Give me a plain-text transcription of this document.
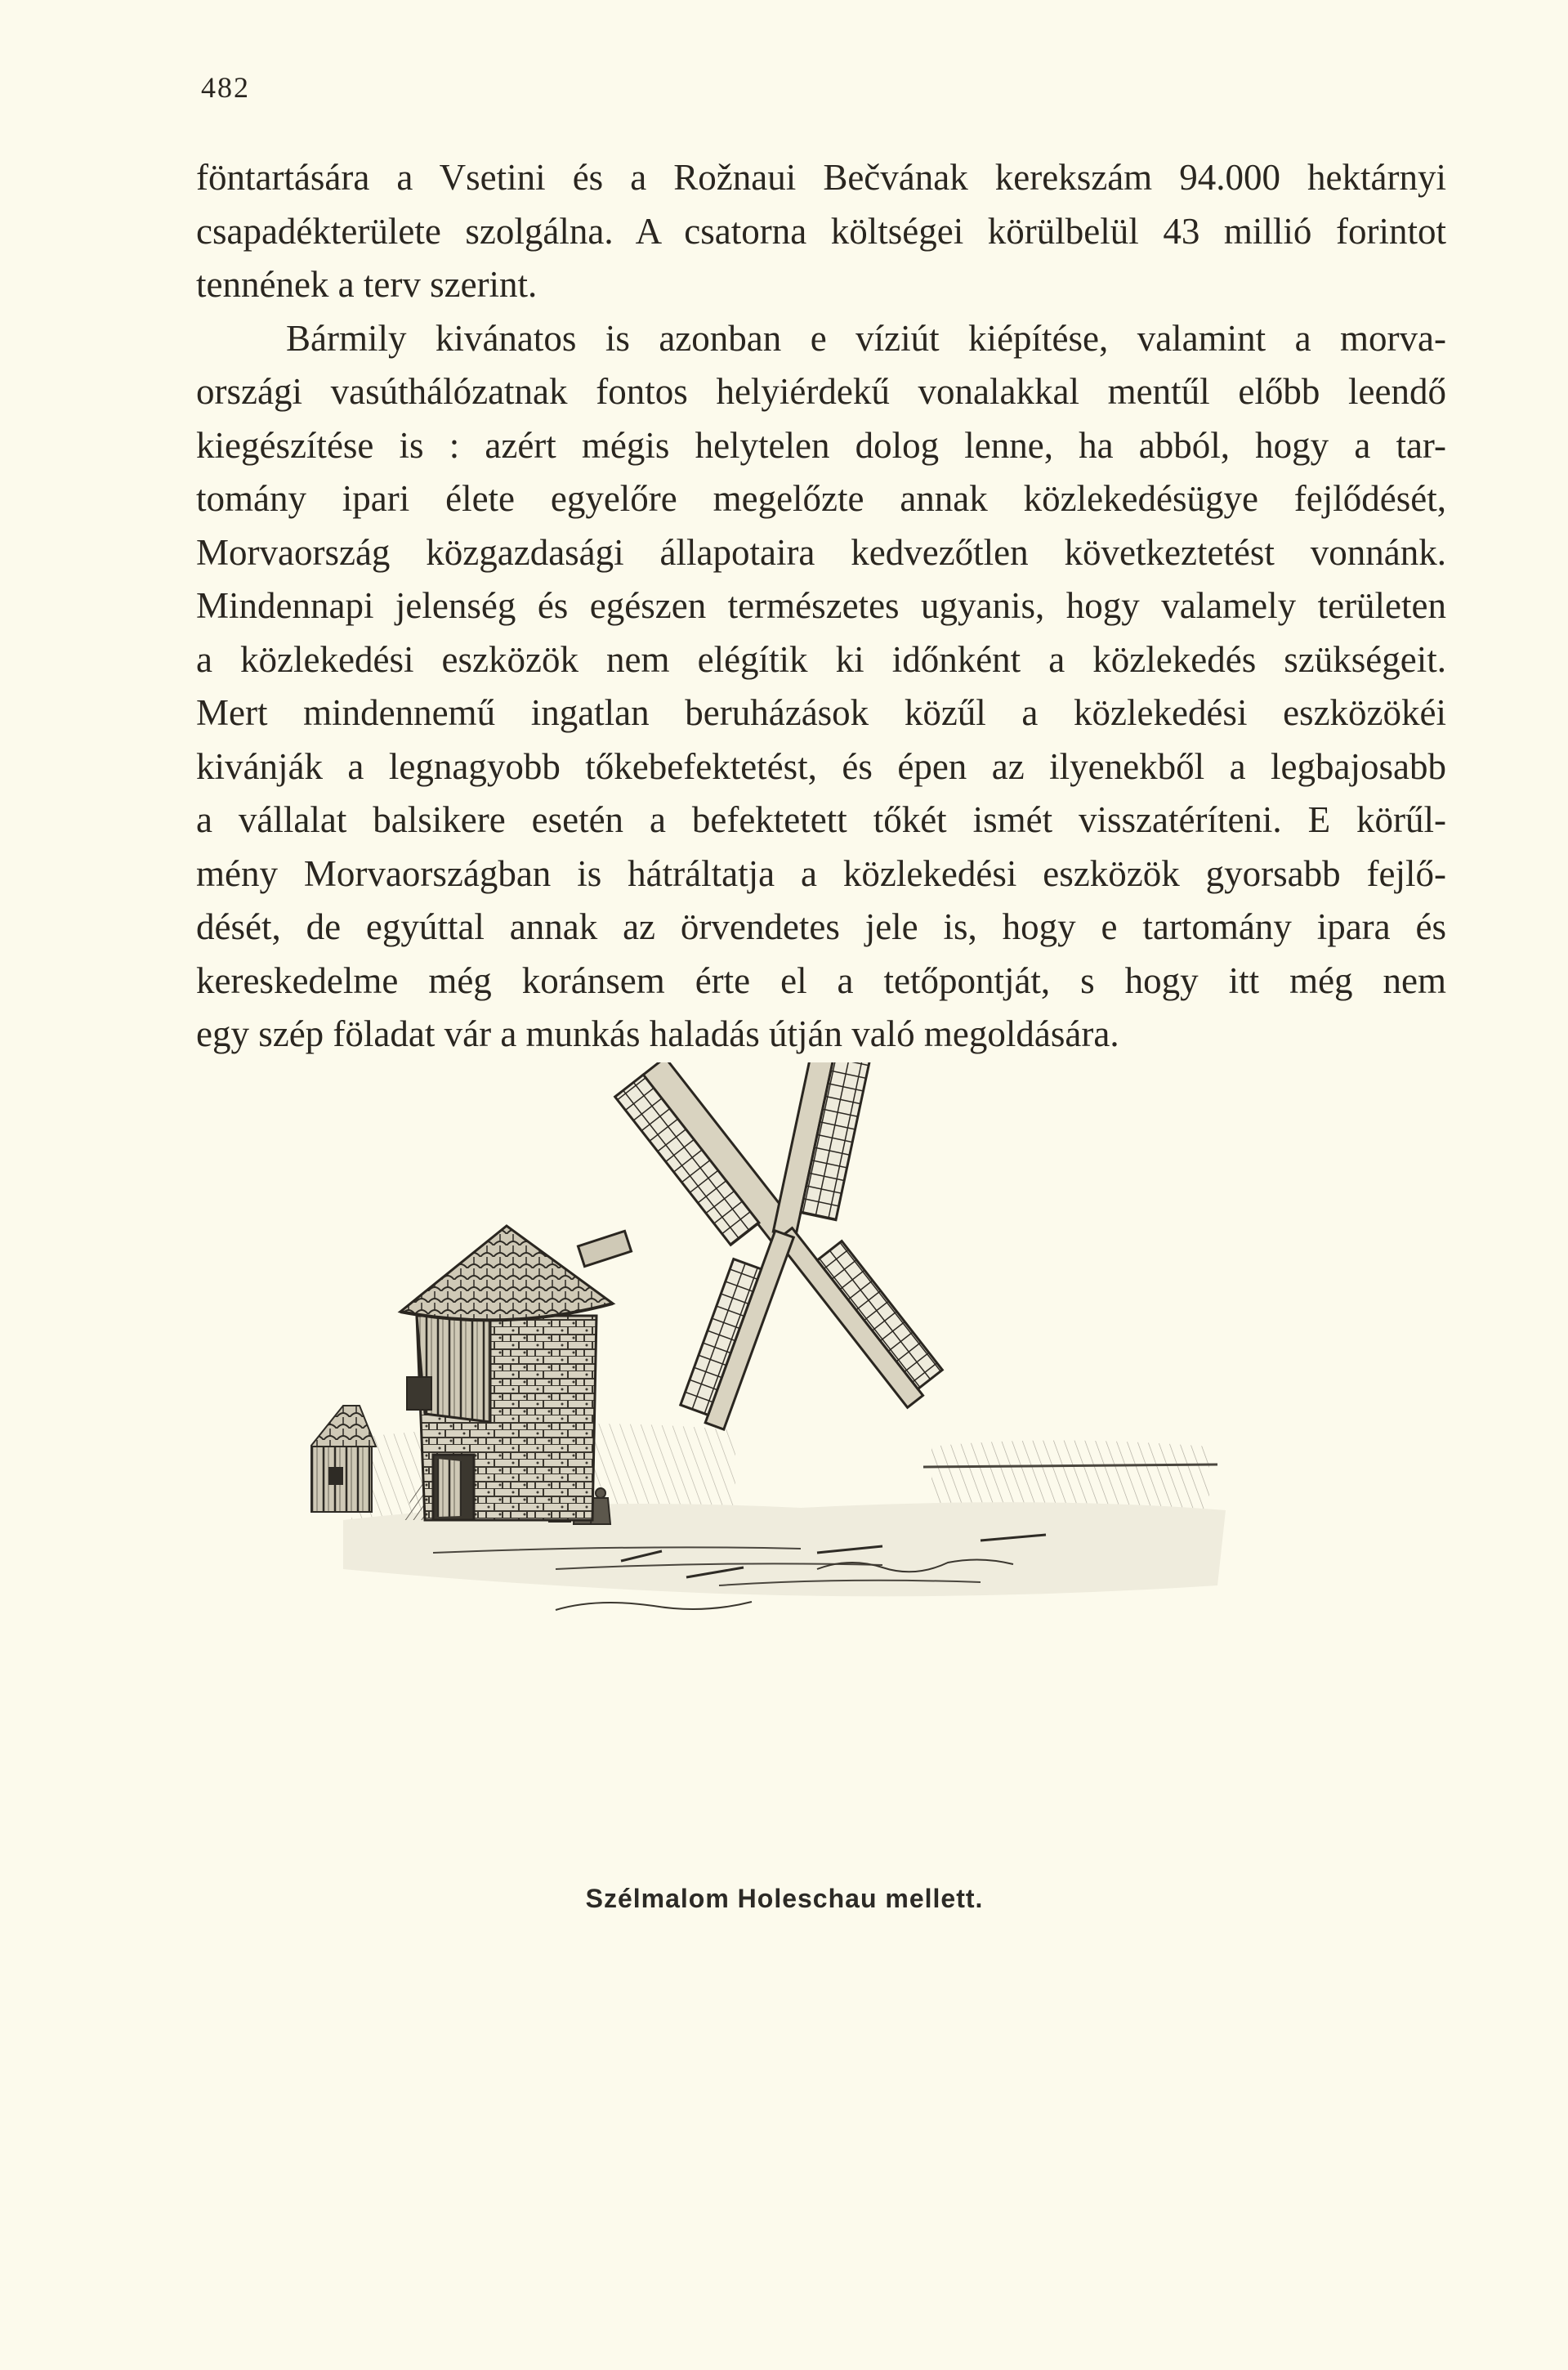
482

föntartására a Vsetini és a Rožnaui Bečvának kerekszám 94.000 hektárnyi
csapadékterülete szolgálna. A csatorna költségei körülbelül 43 millió forintot
tennének a terv szerint.

Bármily kivánatos is azonban e víziút kiépítése, valamint a morva-
országi vasúthálózatnak fontos helyiérdekű vonalakkal mentűl előbb leendő
kiegészítése is : azért mégis helytelen dolog lenne, ha abból, hogy a tar-
tomány ipari élete egyelőre megelőzte annak közlekedésügye fejlődését,
Morvaország közgazdasági állapotaira kedvezőtlen következtetést vonnánk.
Mindennapi jelenség és egészen természetes ugyanis, hogy valamely területen
a közlekedési eszközök nem elégítik ki időnként a közlekedés szükségeit.
Mert mindennemű ingatlan beruházások közűl a közlekedési eszközökéi
kivánják a legnagyobb tőkebefektetést, és épen az ilyenekből a legbajosabb
a vállalat balsikere esetén a befektetett tőkét ismét visszatéríteni. E körűl-
mény Morvaországban is hátráltatja a közlekedési eszközök gyorsabb fejlő-
dését, de egyúttal annak az örvendetes jele is, hogy e tartomány ipara és
kereskedelme még koránsem érte el a tetőpontját, s hogy itt még nem
egy szép föladat vár a munkás haladás útján való megoldására.

Szélmalom Holeschau mellett.
